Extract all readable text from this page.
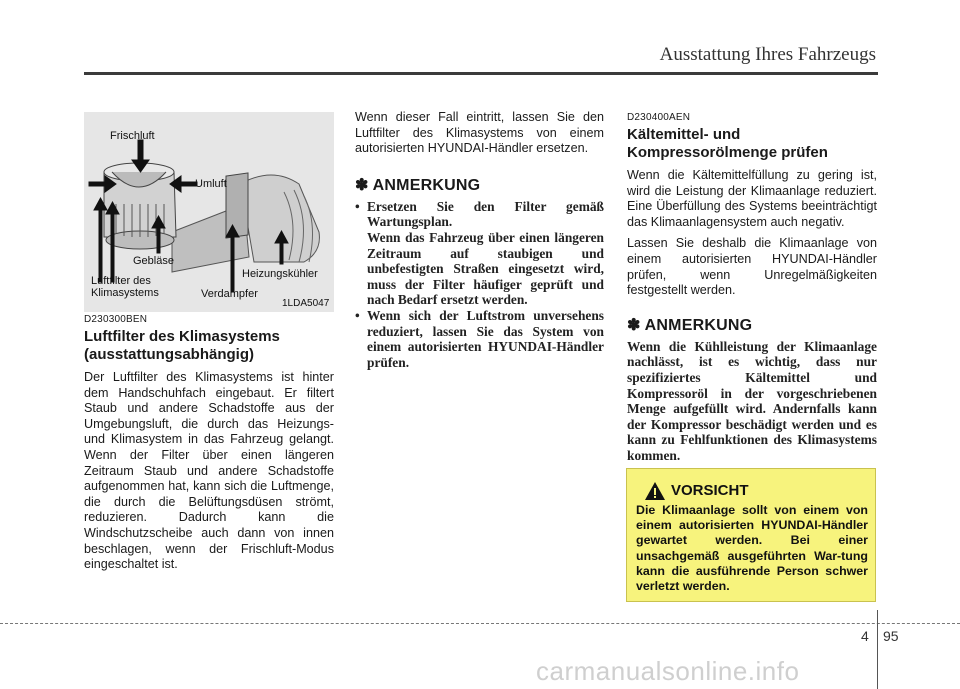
Ausstattung Ihres Fahrzeugs
Frischluft
Umluft
Gebläse
Luftfilter des
Klimasystems
Heizungskühler
Verdampfer
1LDA5047
D230300BEN
Luftfilter des Klimasystems (ausstattungsabhängig)

Der Luftfilter des Klimasystems ist hinter dem Handschuhfach eingebaut. Er filtert Staub und andere Schadstoffe aus der Umgebungsluft, die durch das Heizungs- und Klimasystem in das Fahrzeug gelangt. Wenn der Filter über einen längeren Zeitraum Staub und andere Schadstoffe aufgenommen hat, kann sich die Luftmenge, die durch die Belüftungsdüsen strömt, reduzieren. Dadurch kann die Windschutzscheibe auch dann von innen beschlagen, wenn der Frischluft-Modus eingeschaltet ist.

Wenn dieser Fall eintritt, lassen Sie den Luftfilter des Klimasystems von einem autorisierten HYUNDAI-Händler ersetzen.

✽ ANMERKUNG
• Ersetzen Sie den Filter gemäß Wartungsplan.
Wenn das Fahrzeug über einen längeren Zeitraum auf staubigen und unbefestigten Straßen eingesetzt wird, muss der Filter häufiger geprüft und nach Bedarf ersetzt werden.
• Wenn sich der Luftstrom unversehens reduziert, lassen Sie das System von einem autorisierten HYUNDAI-Händler prüfen.
D230400AEN
Kältemittel- und Kompressorölmenge prüfen

Wenn die Kältemittelfüllung zu gering ist, wird die Leistung der Klimaanlage reduziert. Eine Überfüllung des Systems beeinträchtigt das Klimaanlagensystem auch negativ.

Lassen Sie deshalb die Klimaanlage von einem autorisierten HYUNDAI-Händler prüfen, wenn Unregelmäßigkeiten festgestellt werden.

✽ ANMERKUNG
Wenn die Kühlleistung der Klimaanlage nachlässt, ist es wichtig, dass nur spezifiziertes Kältemittel und Kompressoröl in der vorgeschriebenen Menge aufgefüllt wird. Andernfalls kann der Kompressor beschädigt werden und es kann zu Fehlfunktionen des Klimasystems kommen.
VORSICHT
Die Klimaanlage sollt von einem von einem autorisierten HYUNDAI-Händler gewartet werden. Bei einer unsachgemäß ausgeführten War-tung kann die ausführende Person schwer verletzt werden.
4 95
carmanualsonline.info
